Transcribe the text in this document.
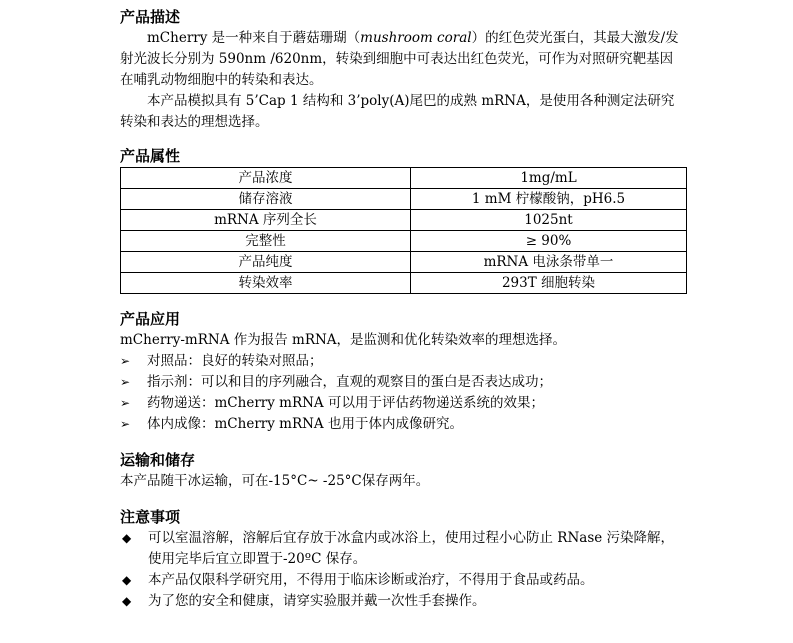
产品描述

mCherry 是一种来自于蘑菇珊瑚（mushroom coral）的红色荧光蛋白，其最大激发/发射光波长分别为 590nm /620nm，转染到细胞中可表达出红色荧光，可作为对照研究靶基因在哺乳动物细胞中的转染和表达。

本产品模拟具有 5’Cap 1 结构和 3’poly(A)尾巴的成熟 mRNA，是使用各种测定法研究转染和表达的理想选择。

产品属性
产品浓度	1mg/mL
储存溶液	1 mM 柠檬酸钠，pH6.5
mRNA 序列全长	1025nt
完整性	≥ 90%
产品纯度	mRNA 电泳条带单一
转染效率	293T 细胞转染
产品应用

mCherry-mRNA 作为报告 mRNA，是监测和优化转染效率的理想选择。

➢ 对照品：良好的转染对照品；
➢ 指示剂：可以和目的序列融合，直观的观察目的蛋白是否表达成功；
➢ 药物递送：mCherry mRNA 可以用于评估药物递送系统的效果；
➢ 体内成像：mCherry mRNA 也用于体内成像研究。
运输和储存

本产品随干冰运输，可在-15°C~ -25°C保存两年。

注意事项
◆ 可以室温溶解，溶解后宜存放于冰盒内或冰浴上，使用过程小心防止 RNase 污染降解，使用完毕后宜立即置于-20ºC 保存。
◆ 本产品仅限科学研究用，不得用于临床诊断或治疗，不得用于食品或药品。
◆ 为了您的安全和健康，请穿实验服并戴一次性手套操作。
